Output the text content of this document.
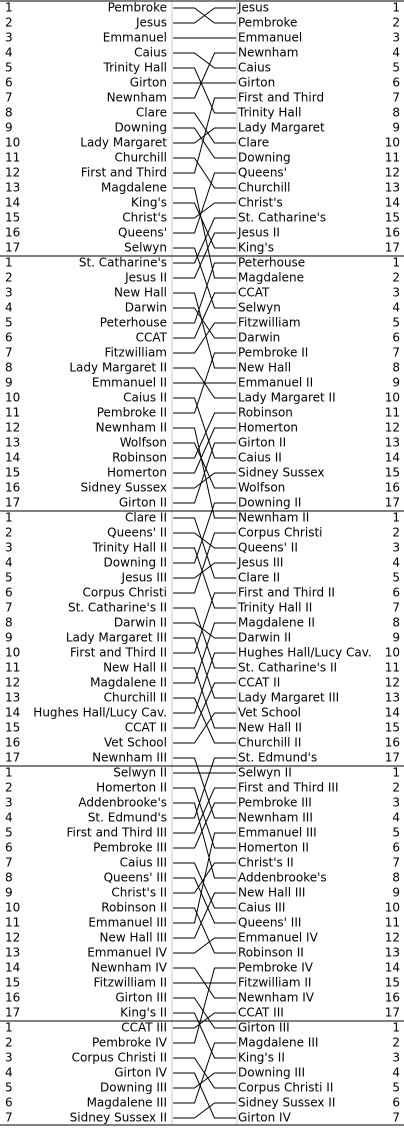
1	Pembroke	Jesus	1
2	Jesus	Pembroke	2
3	Emmanuel	Emmanuel	3
4	Caius	Newnham	4
5	Trinity Hall	Caius	5
6	Girton	Girton	6
7	Newnham	First and Third	7
8	Clare	Trinity Hall	8
9	Downing	Lady Margaret	9
10	Lady Margaret	Clare	10
11	Churchill	Downing	11
12	First and Third	Queens'	12
13	Magdalene	Churchill	13
14	King's	Christ's	14
15	Christ's	St. Catharine's	15
16	Queens'	Jesus II	16
17	Selwyn	King's	17
1	St. Catharine's	Peterhouse	1
2	Jesus II	Magdalene	2
3	New Hall	CCAT	3
4	Darwin	Selwyn	4
5	Peterhouse	Fitzwilliam	5
6	CCAT	Darwin	6
7	Fitzwilliam	Pembroke II	7
8	Lady Margaret II	New Hall	8
9	Emmanuel II	Emmanuel II	9
10	Caius II	Lady Margaret II	10
11	Pembroke II	Robinson	11
12	Newnham II	Homerton	12
13	Wolfson	Girton II	13
14	Robinson	Caius II	14
15	Homerton	Sidney Sussex	15
16	Sidney Sussex	Wolfson	16
17	Girton II	Downing II	17
1	Clare II	Newnham II	1
2	Queens' II	Corpus Christi	2
3	Trinity Hall II	Queens' II	3
4	Downing II	Jesus III	4
5	Jesus III	Clare II	5
6	Corpus Christi	First and Third II	6
7	St. Catharine's II	Trinity Hall II	7
8	Darwin II	Magdalene II	8
9	Lady Margaret III	Darwin II	9
10	First and Third II	Hughes Hall/Lucy Cav. 10
11	New Hall II	St. Catharine's II	11
12	Magdalene II	CCAT II	12
13	Churchill II	Lady Margaret III	13
14 Hughes Hall/Lucy Cav.	Vet School	14
15	CCAT II	New Hall II	15
16	Vet School	Churchill II	16
17	Newnham III	St. Edmund's	17
1	Selwyn II	Selwyn II	1
2	Homerton II	First and Third III	2
3	Addenbrooke's	Pembroke III	3
4	St. Edmund's	Newnham III	4
5	First and Third III	Emmanuel III	5
6	Pembroke III	Homerton II	6
7	Caius III	Christ's II	7
8	Queens' III	Addenbrooke's	8
9	Christ's II	New Hall III	9
10	Robinson II	Caius III	10
11	Emmanuel III	Queens' III	11
12	New Hall III	Emmanuel IV	12
13	Emmanuel IV	Robinson II	13
14	Newnham IV	Pembroke IV	14
15	Fitzwilliam II	Fitzwilliam II	15
16	Girton III	Newnham IV	16
17	King's II	CCAT III	17
1	CCAT III	Girton III	1
2	Pembroke IV	Magdalene III	2
3	Corpus Christi II	King's II	3
4	Girton IV	Downing III	4
5	Downing III	Corpus Christi II	5
6	Magdalene III	Sidney Sussex II	6
7	Sidney Sussex II	Girton IV	7
